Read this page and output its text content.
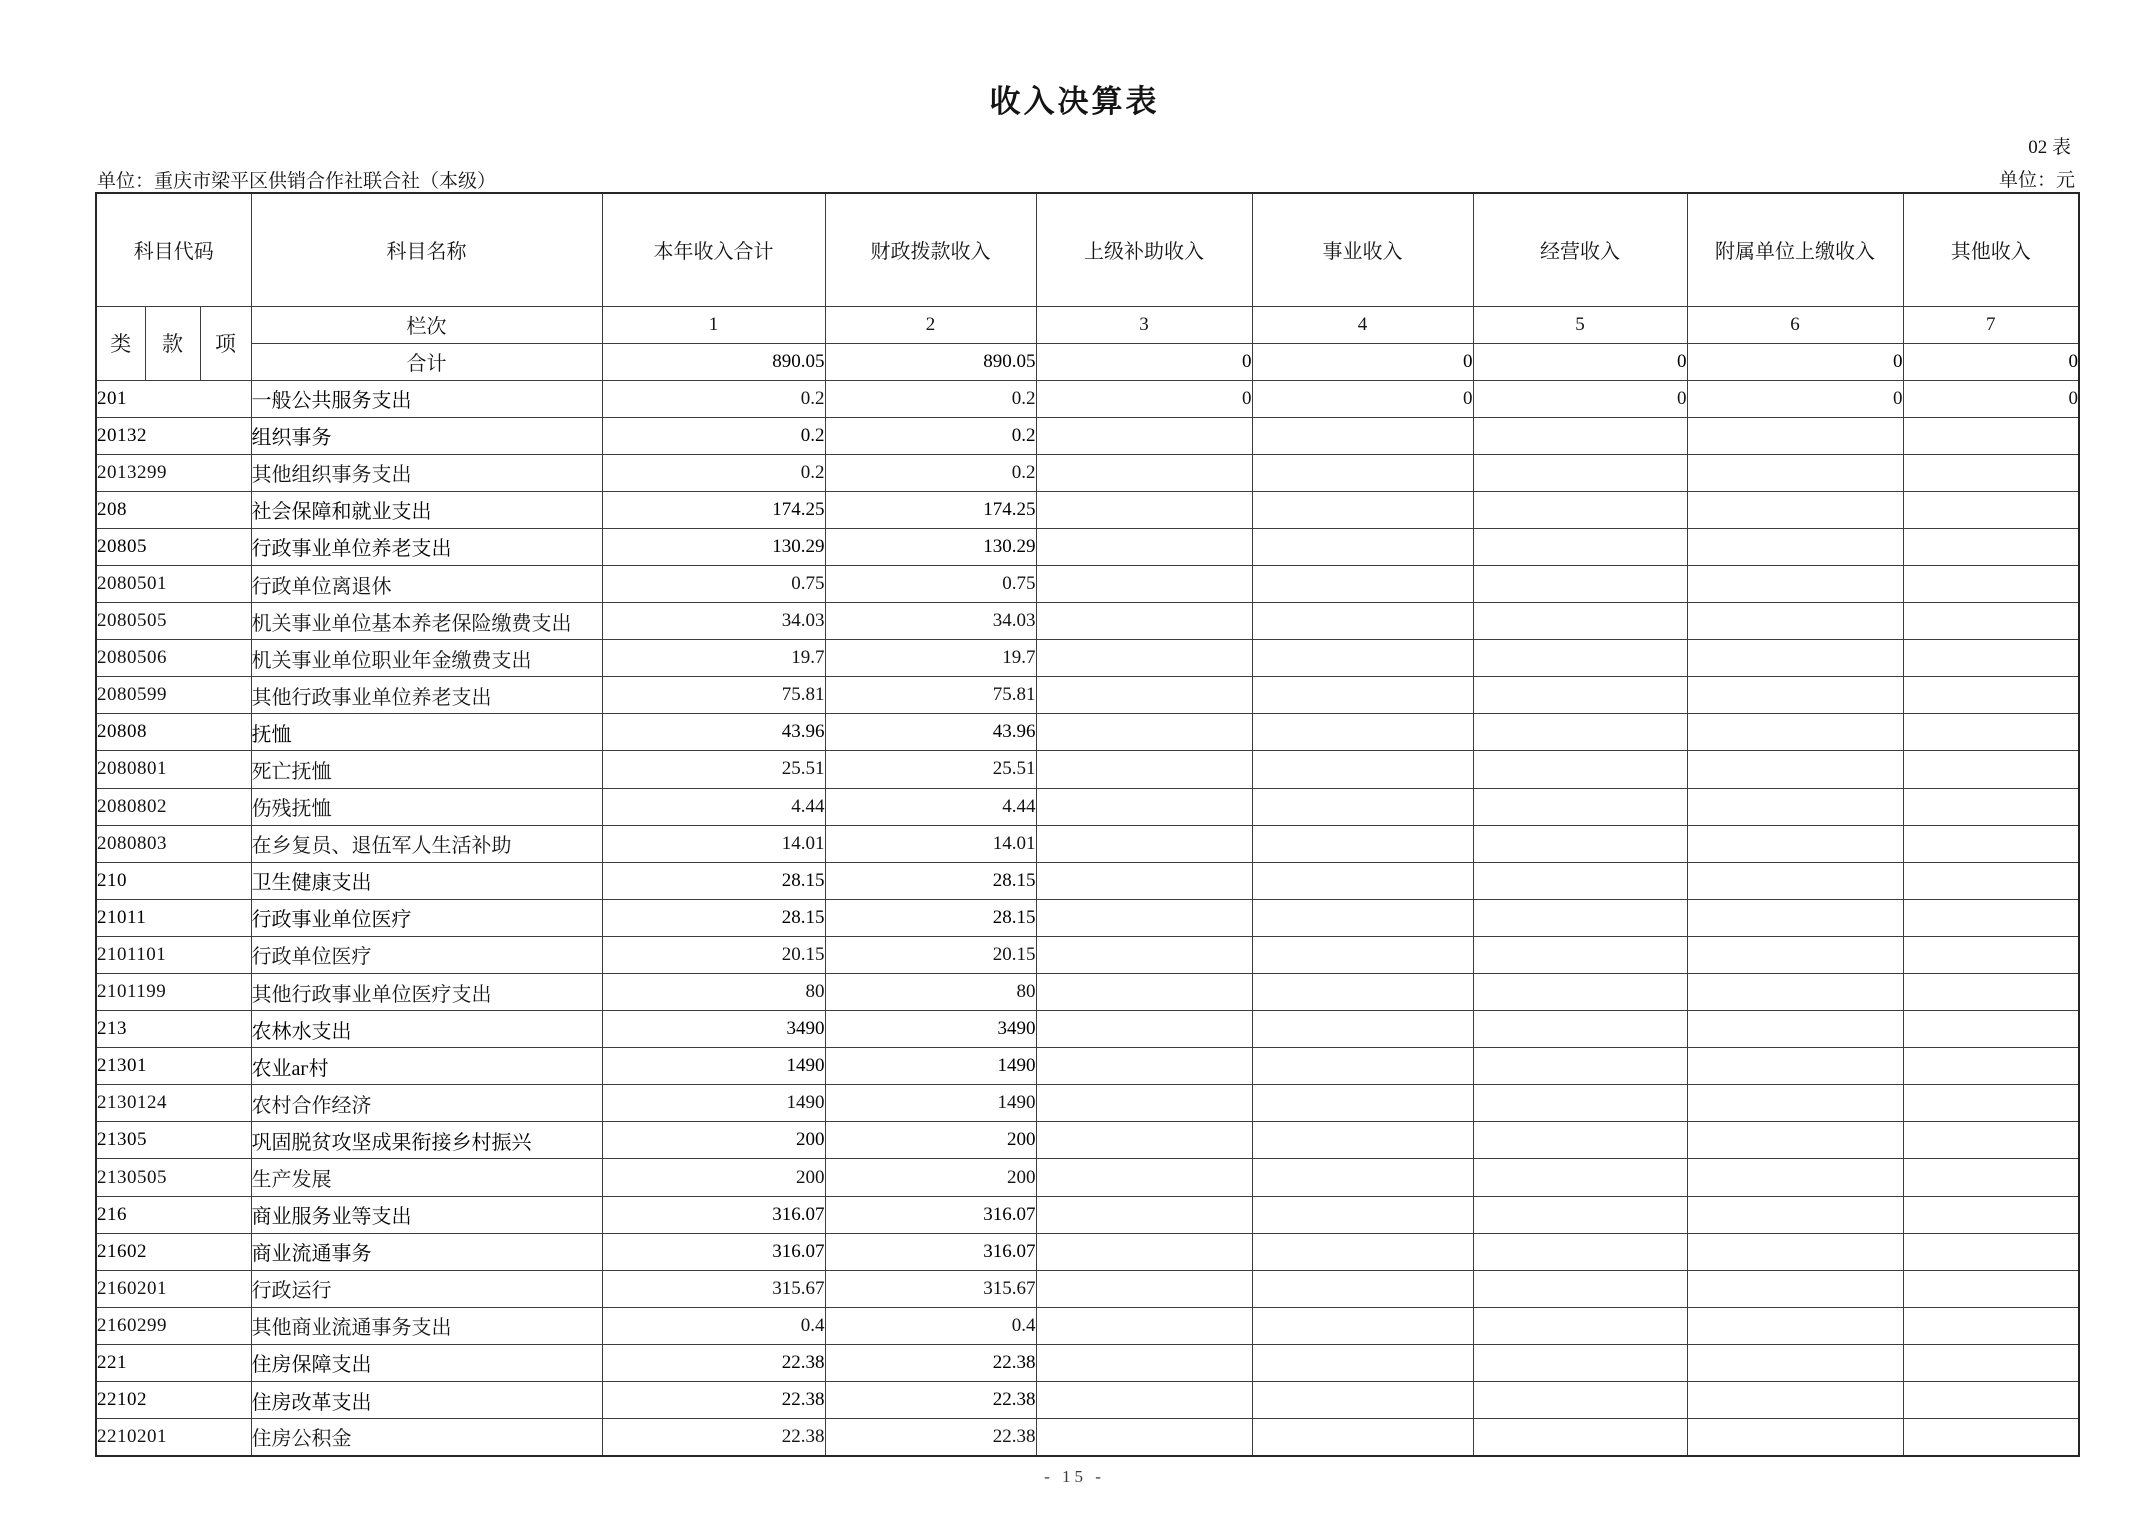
收入决算表
02 表
单位：重庆市梁平区供销合作社联合社（本级）	单位：元
科目代码			科目名称	本年收入合计	财政拨款收入	上级补助收入	事业收入	经营收入	附属单位上缴收入	其他收入
类	款	项	栏次	1	2	3	4	5	6	7
			合计	890.05	890.05	0	0	0	0	0
201			一般公共服务支出	0.2	0.2	0	0	0	0	0
20132			组织事务	0.2	0.2					
2013299			其他组织事务支出	0.2	0.2					
208			社会保障和就业支出	174.25	174.25					
20805			行政事业单位养老支出	130.29	130.29					
2080501			行政单位离退休	0.75	0.75					
2080505			机关事业单位基本养老保险缴费支出	34.03	34.03					
2080506			机关事业单位职业年金缴费支出	19.7	19.7					
2080599			其他行政事业单位养老支出	75.81	75.81					
20808			抚恤	43.96	43.96					
2080801			死亡抚恤	25.51	25.51					
2080802			伤残抚恤	4.44	4.44					
2080803			在乡复员、退伍军人生活补助	14.01	14.01					
210			卫生健康支出	28.15	28.15					
21011			行政事业单位医疗	28.15	28.15					
2101101			行政单位医疗	20.15	20.15					
2101199			其他行政事业单位医疗支出	80	80					
213			农林水支出	3490	3490					
21301			农业аг村	1490	1490					
2130124			农村合作经济	1490	1490					
21305			巩固脱贫攻坚成果衔接乡村振兴	200	200					
2130505			生产发展	200	200					
216			商业服务业等支出	316.07	316.07					
21602			商业流通事务	316.07	316.07					
2160201			行政运行	315.67	315.67					
2160299			其他商业流通事务支出	0.4	0.4					
221			住房保障支出	22.38	22.38					
22102			住房改革支出	22.38	22.38					
2210201			住房公积金	22.38	22.38					
- 15 -
